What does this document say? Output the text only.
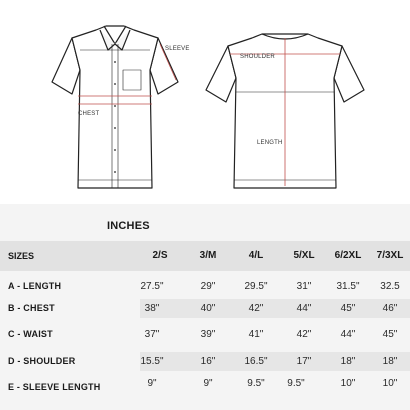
SLEEVE
CHEST
SHOULDER
LENGTH
INCHES
SIZES	2/S	3/M	4/L	5/XL	6/2XL	7/3XL
A - LENGTH	27.5"	29"	29.5"	31"	31.5"	32.5
B - CHEST	38"	40"	42"	44"	45"	46"
C - WAIST	37"	39"	41"	42"	44"	45"
D - SHOULDER	15.5"	16"	16.5"	17"	18"	18"
E - SLEEVE LENGTH	9"	9"	9.5"	9.5"	10"	10"
